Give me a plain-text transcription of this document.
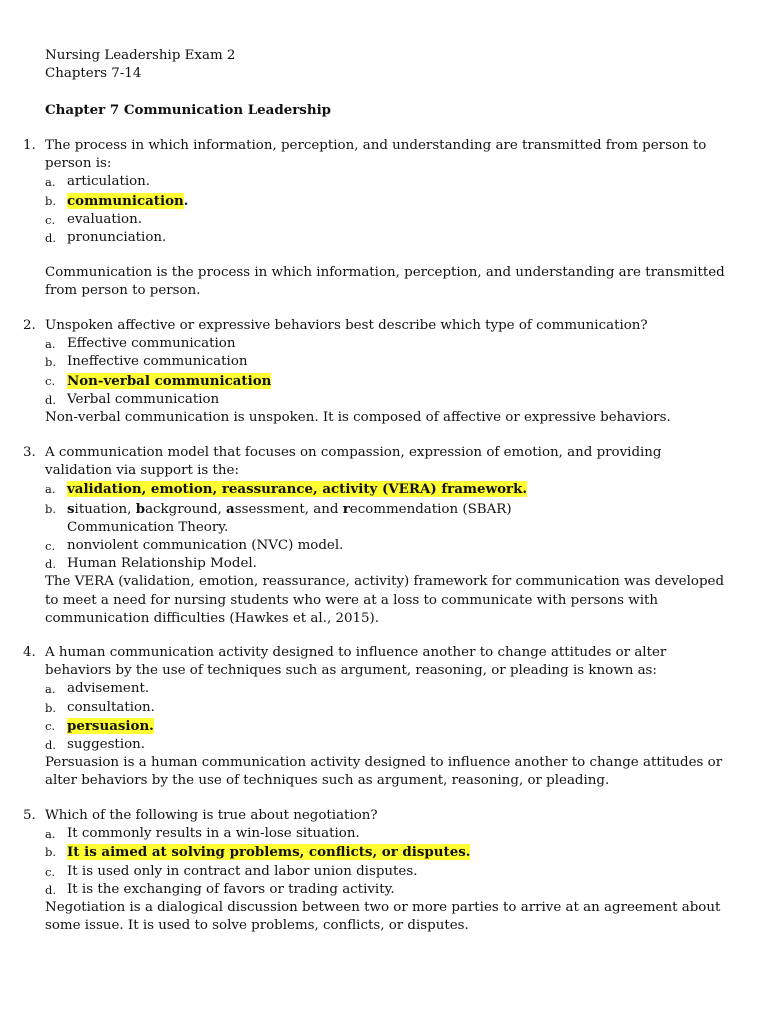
Nursing Leadership Exam 2
Chapters 7-14
Chapter 7 Communication Leadership
1. The process in which information, perception, and understanding are transmitted from person to person is:
a. articulation.
b. communication.
c. evaluation.
d. pronunciation.
Communication is the process in which information, perception, and understanding are transmitted from person to person.
2. Unspoken affective or expressive behaviors best describe which type of communication?
a. Effective communication
b. Ineffective communication
c. Non-verbal communication
d. Verbal communication
Non-verbal communication is unspoken. It is composed of affective or expressive behaviors.
3. A communication model that focuses on compassion, expression of emotion, and providing validation via support is the:
a. validation, emotion, reassurance, activity (VERA) framework.
b. situation, background, assessment, and recommendation (SBAR)
Communication Theory.
c. nonviolent communication (NVC) model.
d. Human Relationship Model.
The VERA (validation, emotion, reassurance, activity) framework for communication was developed to meet a need for nursing students who were at a loss to communicate with persons with communication difficulties (Hawkes et al., 2015).
4. A human communication activity designed to influence another to change attitudes or alter behaviors by the use of techniques such as argument, reasoning, or pleading is known as:
a. advisement.
b. consultation.
c. persuasion.
d. suggestion.
Persuasion is a human communication activity designed to influence another to change attitudes or alter behaviors by the use of techniques such as argument, reasoning, or pleading.
5. Which of the following is true about negotiation?
a. It commonly results in a win-lose situation.
b. It is aimed at solving problems, conflicts, or disputes.
c. It is used only in contract and labor union disputes.
d. It is the exchanging of favors or trading activity.
Negotiation is a dialogical discussion between two or more parties to arrive at an agreement about some issue. It is used to solve problems, conflicts, or disputes.
